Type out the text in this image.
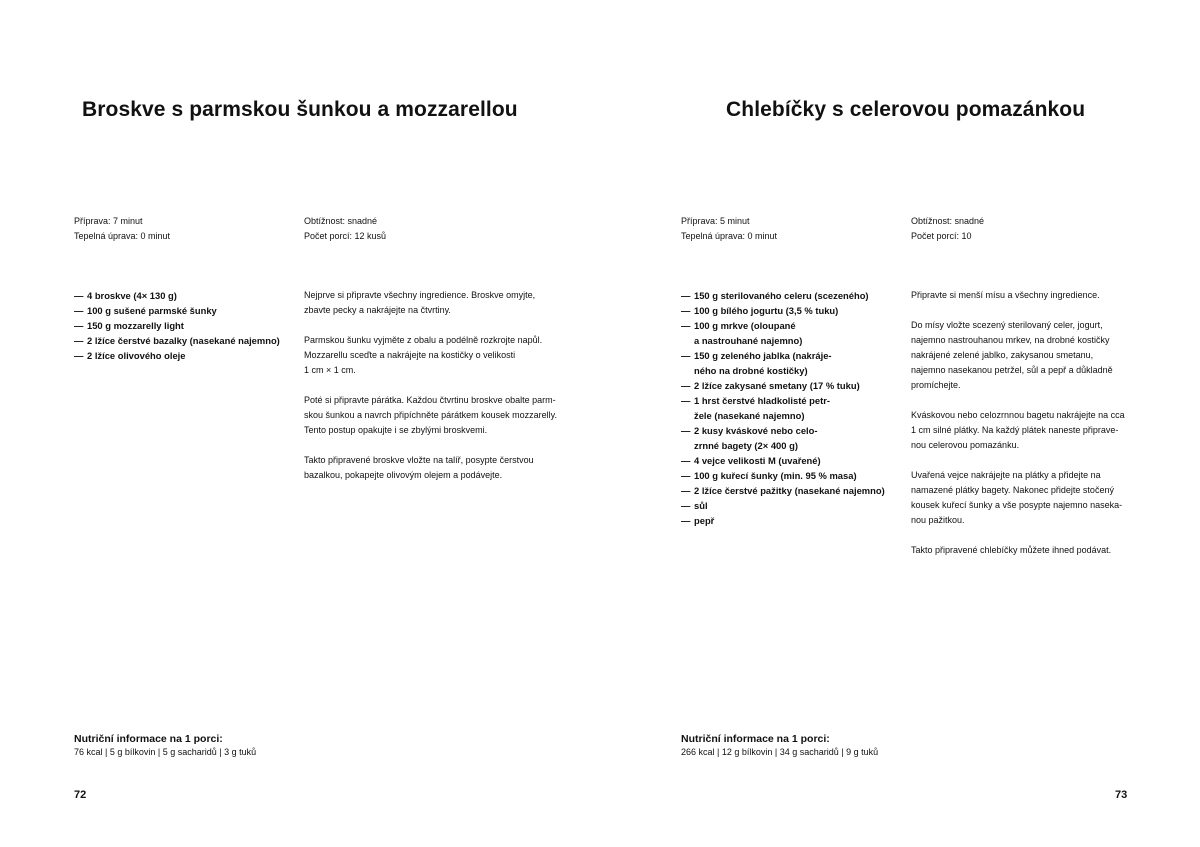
Broskve s parmskou šunkou a mozzarellou

Příprava: 7 minut

Tepelná úprava: 0 minut

Obtížnost: snadné

Počet porcí: 12 kusů

— 4 broskve (4× 130 g)
— 100 g sušené parmské šunky
— 150 g mozzarelly light
— 2 lžíce čerstvé bazalky (nasekané najemno)
— 2 lžíce olivového oleje

Nejprve si připravte všechny ingredience. Broskve omyjte,
zbavte pecky a nakrájejte na čtvrtiny.

Parmskou šunku vyjměte z obalu a podélně rozkrojte napůl.
Mozzarellu sceďte a nakrájejte na kostičky o velikosti
1 cm × 1 cm.

Poté si připravte párátka. Každou čtvrtinu broskve obalte parm-
skou šunkou a navrch připíchněte párátkem kousek mozzarelly.
Tento postup opakujte i se zbylými broskvemi.

Takto připravené broskve vložte na talíř, posypte čerstvou
bazalkou, pokapejte olivovým olejem a podávejte.

Nutriční informace na 1 porci:
76 kcal | 5 g bílkovin | 5 g sacharidů | 3 g tuků
72
Chlebíčky s celerovou pomazánkou

Příprava: 5 minut

Tepelná úprava: 0 minut

Obtížnost: snadné

Počet porcí: 10

— 150 g sterilovaného celeru (scezeného)
— 100 g bílého jogurtu (3,5 % tuku)
— 100 g mrkve (oloupané
a nastrouhané najemno)
— 150 g zeleného jablka (nakráje-
ného na drobné kostičky)
— 2 lžíce zakysané smetany (17 % tuku)
— 1 hrst čerstvé hladkolisté petr-
žele (nasekané najemno)
— 2 kusy kváskové nebo celo-
zrnné bagety (2× 400 g)
— 4 vejce velikosti M (uvařené)
— 100 g kuřecí šunky (min. 95 % masa)
— 2 lžíce čerstvé pažitky (nasekané najemno)
— sůl
— pepř

Připravte si menší mísu a všechny ingredience.

Do mísy vložte scezený sterilovaný celer, jogurt,
najemno nastrouhanou mrkev, na drobné kostičky
nakrájené zelené jablko, zakysanou smetanu,
najemno nasekanou petržel, sůl a pepř a důkladně
promíchejte.

Kváskovou nebo celozrnnou bagetu nakrájejte na cca
1 cm silné plátky. Na každý plátek naneste připrave-
nou celerovou pomazánku.

Uvařená vejce nakrájejte na plátky a přidejte na
namazené plátky bagety. Nakonec přidejte stočený
kousek kuřecí šunky a vše posypte najemno naseka-
nou pažitkou.

Takto připravené chlebíčky můžete ihned podávat.

Nutriční informace na 1 porci:
266 kcal | 12 g bílkovin | 34 g sacharidů | 9 g tuků
73
